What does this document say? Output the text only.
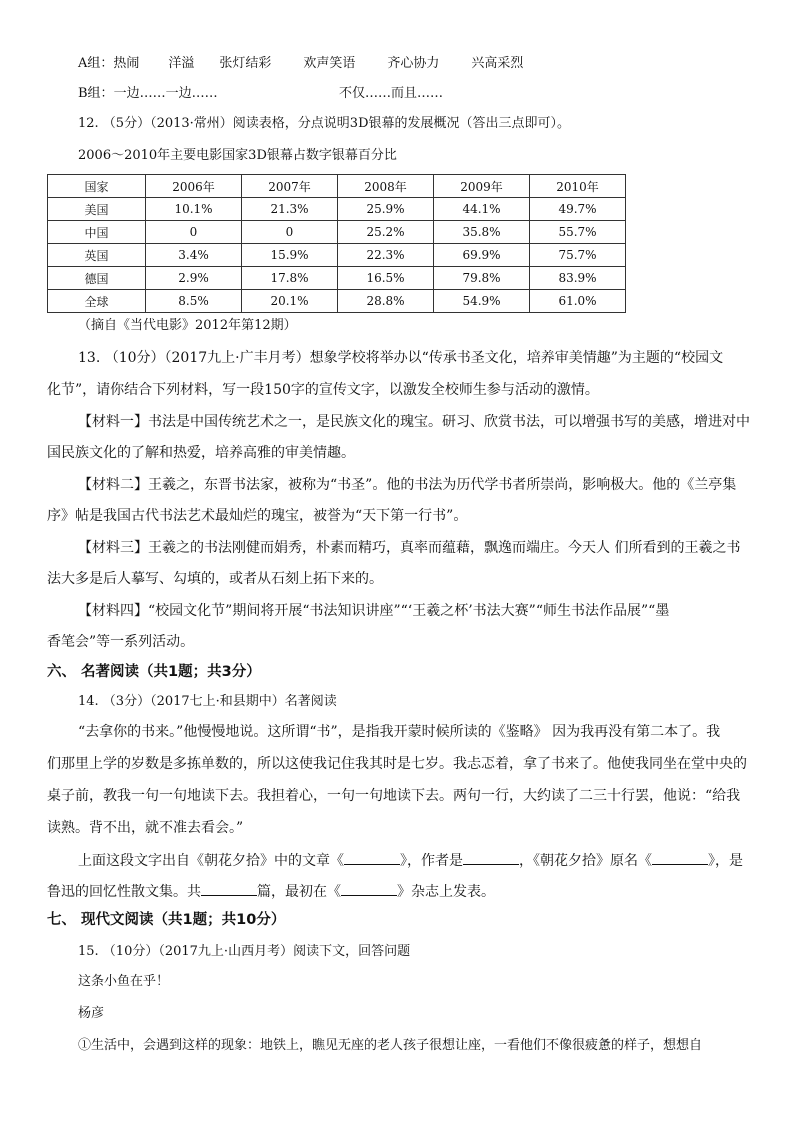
A组：热闹 洋溢 张灯结彩 欢声笑语 齐心协力 兴高采烈
B组：一边……一边……	不仅……而且……
12. （5分）（2013·常州）阅读表格，分点说明3D银幕的发展概况（答出三点即可）。
2006～2010年主要电影国家3D银幕占数字银幕百分比
国家	2006年	2007年	2008年	2009年	2010年
美国	10.1%	21.3%	25.9%	44.1%	49.7%
中国	0	0	25.2%	35.8%	55.7%
英国	3.4%	15.9%	22.3%	69.9%	75.7%
德国	2.9%	17.8%	16.5%	79.8%	83.9%
全球	8.5%	20.1%	28.8%	54.9%	61.0%
（摘自《当代电影》2012年第12期）
13. （10分）（2017九上·广丰月考）想象学校将举办以“传承书圣文化，培养审美情趣”为主题的“校园文
化节”，请你结合下列材料，写一段150字的宣传文字，以激发全校师生参与活动的激情。
【材料一】书法是中国传统艺术之一，是民族文化的瑰宝。研习、欣赏书法，可以增强书写的美感，增进对中
国民族文化的了解和热爱，培养高雅的审美情趣。
【材料二】王羲之，东晋书法家，被称为“书圣”。他的书法为历代学书者所崇尚，影响极大。他的《兰亭集
序》帖是我国古代书法艺术最灿烂的瑰宝，被誉为“天下第一行书”。
【材料三】王羲之的书法刚健而娟秀，朴素而精巧，真率而蕴藉，飘逸而端庄。今天人 们所看到的王羲之书
法大多是后人摹写、勾填的，或者从石刻上拓下来的。
【材料四】“校园文化节”期间将开展“书法知识讲座”“‘王羲之杯’书法大赛”“师生书法作品展”“墨
香笔会”等一系列活动。
六、 名著阅读（共1题；共3分）
14. （3分）（2017七上·和县期中）名著阅读
“去拿你的书来。”他慢慢地说。这所谓“书”，是指我开蒙时候所读的《鉴略》 因为我再没有第二本了。我
们那里上学的岁数是多拣单数的，所以这使我记住我其时是七岁。我忐忑着，拿了书来了。他使我同坐在堂中央的
桌子前，教我一句一句地读下去。我担着心，一句一句地读下去。两句一行，大约读了二三十行罢，他说：“给我
读熟。背不出，就不准去看会。”
上面这段文字出自《朝花夕拾》中的文章《	》，作者是	，《朝花夕拾》原名《	》，是
鲁迅的回忆性散文集。共	篇，最初在《	》杂志上发表。
七、 现代文阅读（共1题；共10分）
15. （10分）（2017九上·山西月考）阅读下文，回答问题
这条小鱼在乎！
杨彦
①生活中，会遇到这样的现象：地铁上，瞧见无座的老人孩子很想让座，一看他们不像很疲惫的样子，想想自
